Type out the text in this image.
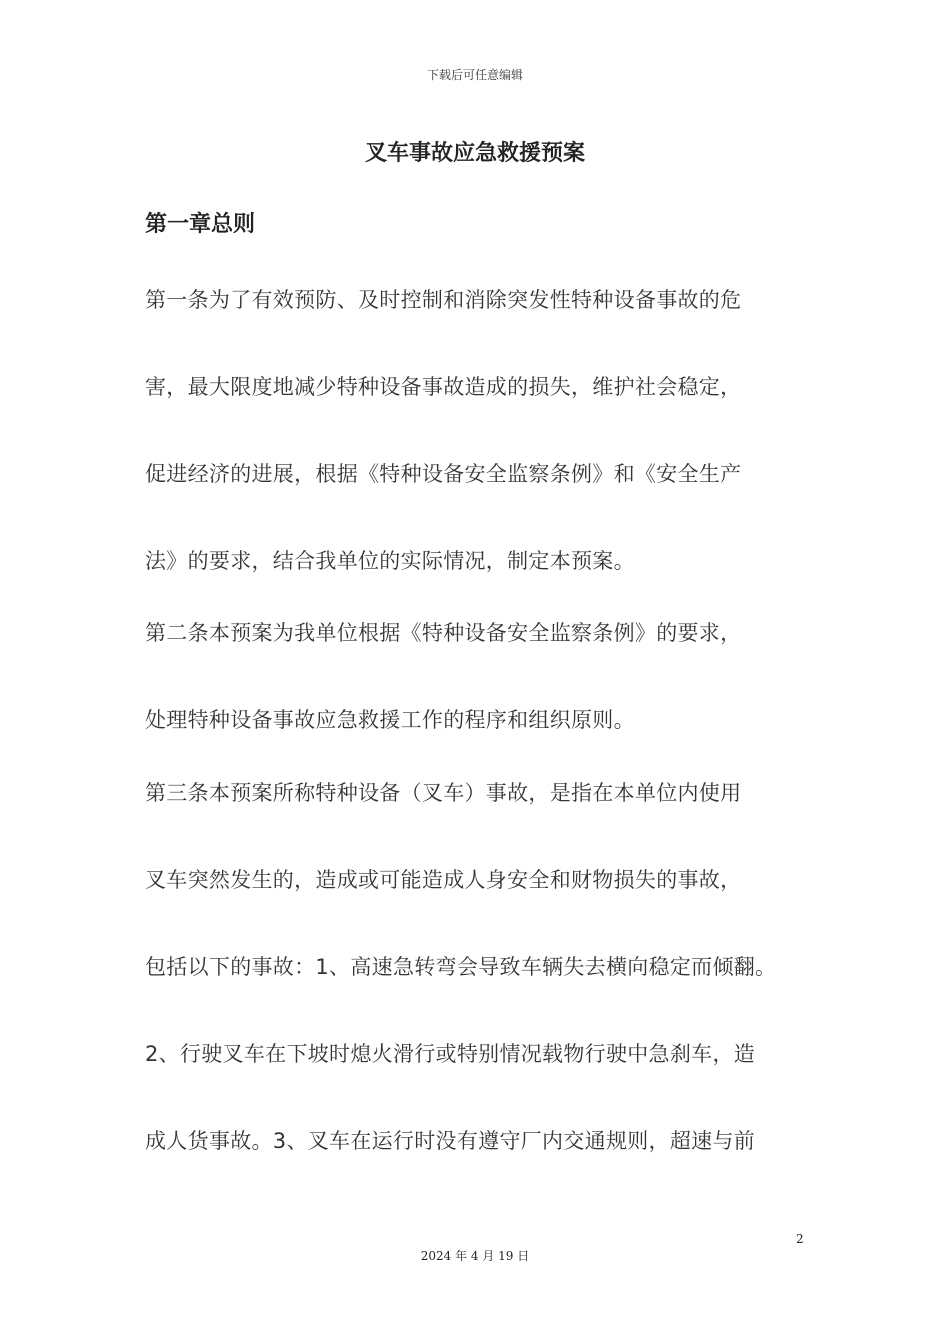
下载后可任意编辑
叉车事故应急救援预案
第一章总则
第一条为了有效预防、及时控制和消除突发性特种设备事故的危
害，最大限度地减少特种设备事故造成的损失，维护社会稳定，
促进经济的进展，根据《特种设备安全监察条例》和《安全生产
法》的要求，结合我单位的实际情况，制定本预案。
第二条本预案为我单位根据《特种设备安全监察条例》的要求，
处理特种设备事故应急救援工作的程序和组织原则。
第三条本预案所称特种设备（叉车）事故，是指在本单位内使用
叉车突然发生的，造成或可能造成人身安全和财物损失的事故，
包括以下的事故：1、高速急转弯会导致车辆失去横向稳定而倾翻。
2、行驶叉车在下坡时熄火滑行或特别情况载物行驶中急刹车，造
成人货事故。3、叉车在运行时没有遵守厂内交通规则，超速与前
2
2024 年 4 月 19 日
